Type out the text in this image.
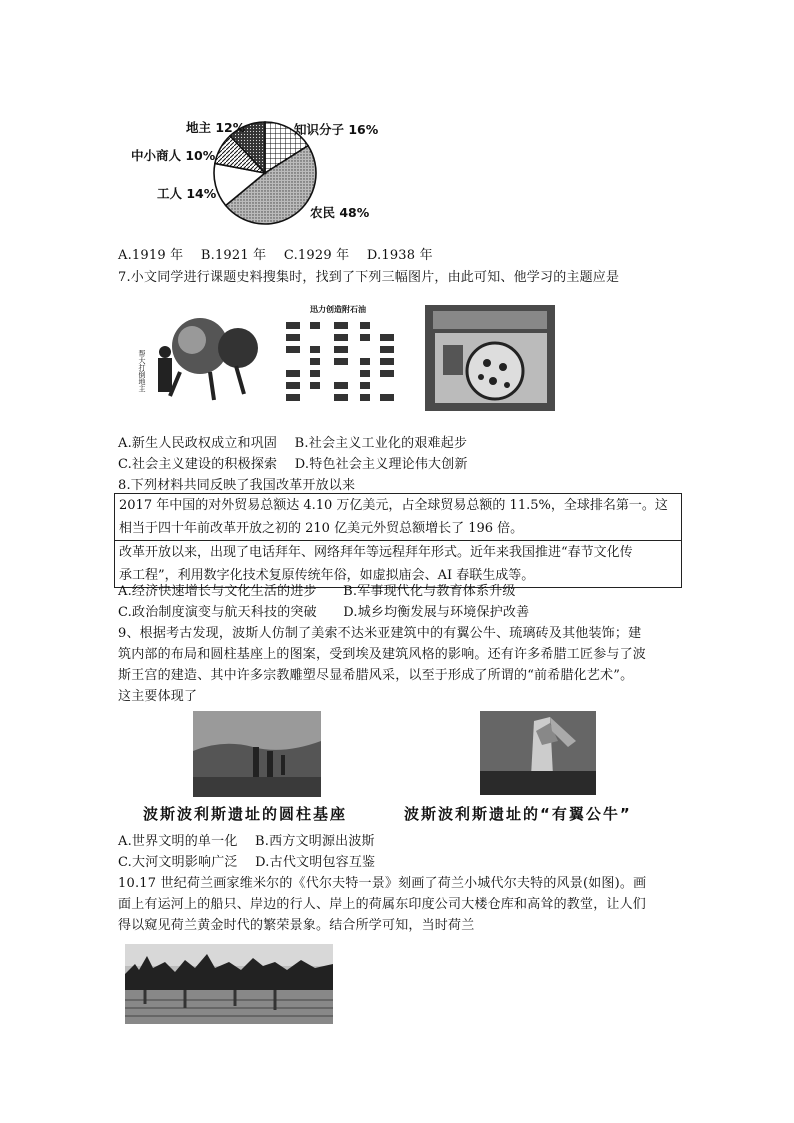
地主 12%	知识分子 16%
中小商人 10%
工人 14%
农民 48%
A.1919 年　 B.1921 年　 C.1929 年　 D.1938 年
7.小文同学进行课题史料搜集时，找到了下列三幅图片，由此可知、他学习的主题应是
帮大打倒地主
迅力创造附石油
A.新生人民政权成立和巩固　 B.社会主义工业化的艰难起步
C.社会主义建设的积极探索　 D.特色社会主义理论伟大创新
8.下列材料共同反映了我国改革开放以来
2017 年中国的对外贸易总额达 4.10 万亿美元，占全球贸易总额的 11.5%，全球排名第一。这
相当于四十年前改革开放之初的 210 亿美元外贸总额增长了 196 倍。
改革开放以来，出现了电话拜年、网络拜年等远程拜年形式。近年来我国推进“春节文化传
承工程”，利用数字化技术复原传统年俗，如虚拟庙会、AI 春联生成等。
A.经济快速增长与文化生活的进步　　B.军事现代化与教育体系升级
C.政治制度演变与航天科技的突破　　D.城乡均衡发展与环境保护改善
9、根据考古发现，波斯人仿制了美索不达米亚建筑中的有翼公牛、琉璃砖及其他装饰；建
筑内部的布局和圆柱基座上的图案，受到埃及建筑风格的影响。还有许多希腊工匠参与了波
斯王宫的建造、其中许多宗教雕塑尽显希腊风采，以至于形成了所谓的“前希腊化艺术”。
这主要体现了
波斯波利斯遗址的圆柱基座	波斯波利斯遗址的“有翼公牛”
A.世界文明的单一化　 B.西方文明源出波斯
C.大河文明影响广泛　 D.古代文明包容互鉴
10.17 世纪荷兰画家维米尔的《代尔夫特一景》刻画了荷兰小城代尔夫特的风景(如图)。画
面上有运河上的船只、岸边的行人、岸上的荷属东印度公司大楼仓库和高耸的教堂，让人们
得以窥见荷兰黄金时代的繁荣景象。结合所学可知，当时荷兰
